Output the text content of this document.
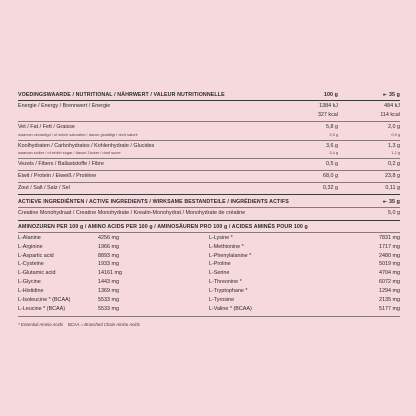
VOEDINGSWAARDE / NUTRITIONAL / NÄHRWERT / VALEUR NUTRITIONNELLE	100 g	⇤ 35 g
Energie / Energy / Brennwert / Energie	1384 kJ	484 kJ
327 kcal	114 kcal
Vet / Fat / Fett / Graisse	5,8 g	2,0 g
waarvan verzadigd / of which saturated / davon gesättigt / dont saturé	2,5 g	0,9 g
Koolhydraten / Carbohydrates / Kohlenhydrate / Glucides	3,6 g	1,3 g
waarvan suiker / of which sugar / davon Zucker / dont sucre	3,4 g	1,2 g
Vezels / Fibers / Ballaststoffe / Fibre	0,5 g	0,2 g
Eiwit / Protein / Eiweiß / Protéine	68,0 g	23,8 g
Zout / Salt / Salz / Sel	0,32 g	0,11 g
ACTIEVE INGREDIËNTEN / ACTIVE INGREDIENTS / WIRKSAME BESTANDTEILE / INGRÉDIENTS ACTIFS	⇤ 35 g
Creatine Monohydraat / Creatine Monohydrate / Kreatin-Monohydrat / Monohydrate de créatine	5,0 g
AMINOZUREN PER 100 g / AMINO ACIDS PER 100 g / AMINOSÄUREN PRO 100 g / ACIDES AMINÉS POUR 100 g
L-Alanine	4256 mg
L-Arginine	1966 mg
L-Aspartic acid	8893 mg
L-Cysteine	1933 mg
L-Glutamic acid	14161 mg
L-Glycine	1443 mg
L-Histidine	1369 mg
L-Isoleucine * (BCAA)	5533 mg
L-Leucine * (BCAA)	5533 mg
L-Lysine *	7831 mg
L-Methionine *	1717 mg
L-Phenylalanine *	2480 mg
L-Proline	5019 mg
L-Serine	4704 mg
L-Threonine *	6072 mg
L-Tryptophane *	1294 mg
L-Tyrosine	2135 mg
L-Valine * (BCAA)	5177 mg
* Essential Amino Acids    BCAA = Branched Chain Amino Acids
